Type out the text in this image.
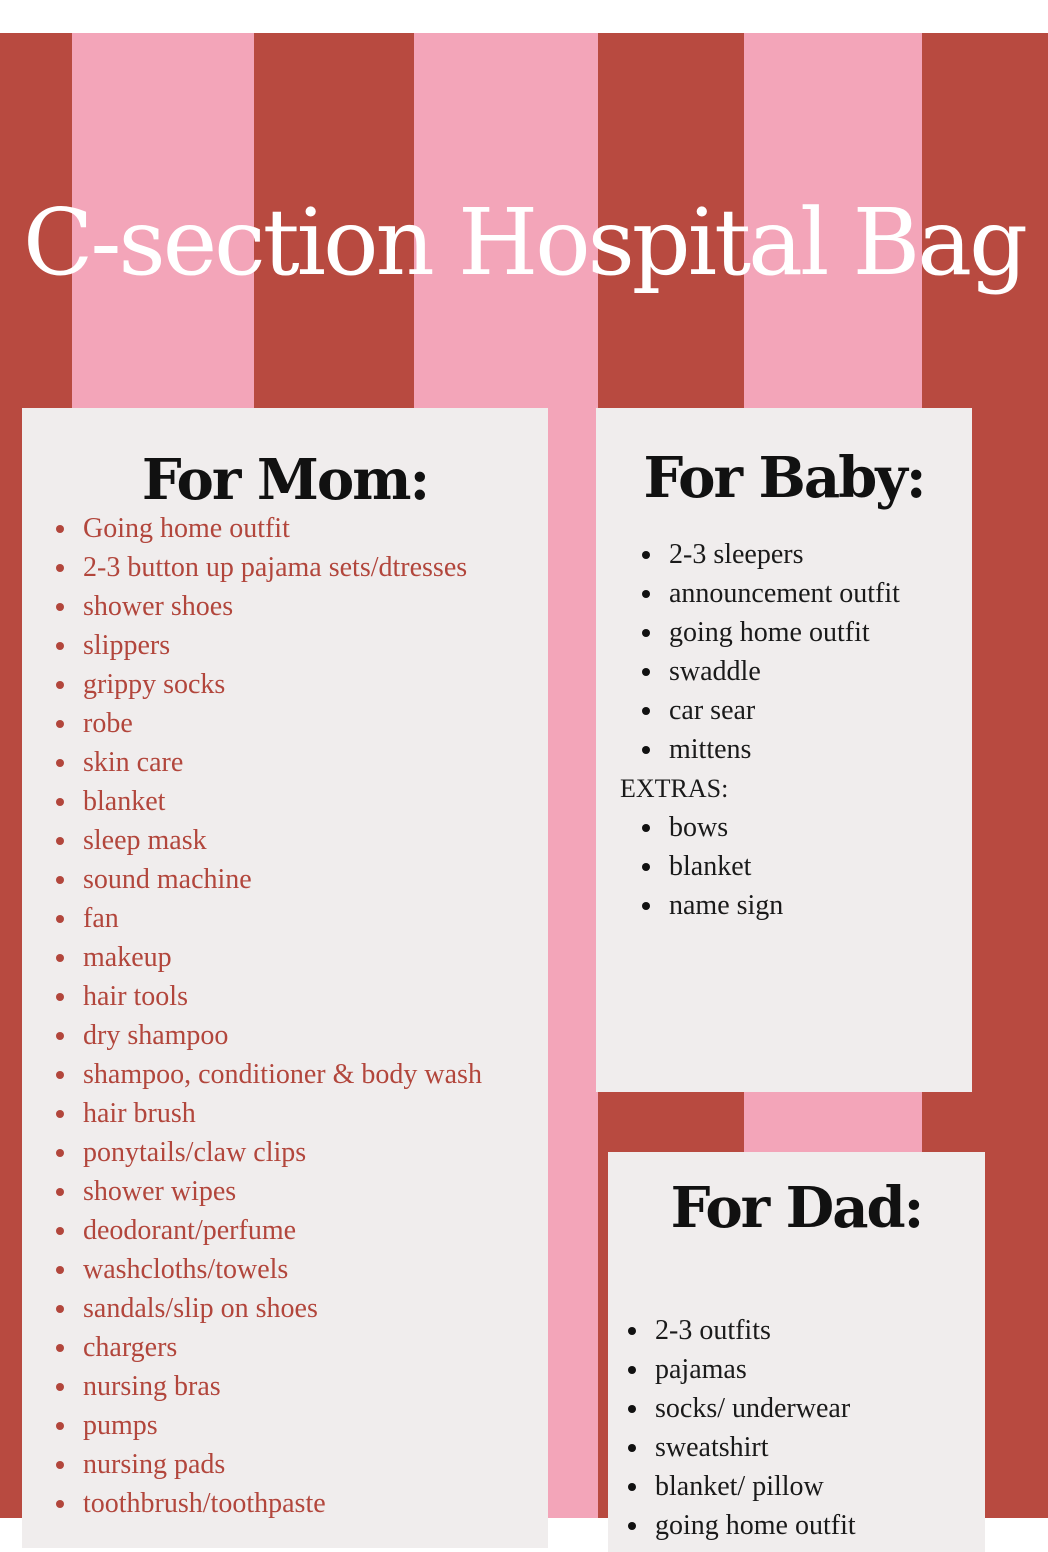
C-section Hospital Bag
For Mom:
Going home outfit
2-3 button up pajama sets/dtresses
shower shoes
slippers
grippy socks
robe
skin care
blanket
sleep mask
sound machine
fan
makeup
hair tools
dry shampoo
shampoo, conditioner & body wash
hair brush
ponytails/claw clips
shower wipes
deodorant/perfume
washcloths/towels
sandals/slip on shoes
chargers
nursing bras
pumps
nursing pads
toothbrush/toothpaste
For Baby:
2-3 sleepers
announcement outfit
going home outfit
swaddle
car sear
mittens
EXTRAS:
bows
blanket
name sign
For Dad:
2-3 outfits
pajamas
socks/ underwear
sweatshirt
blanket/ pillow
going home outfit
